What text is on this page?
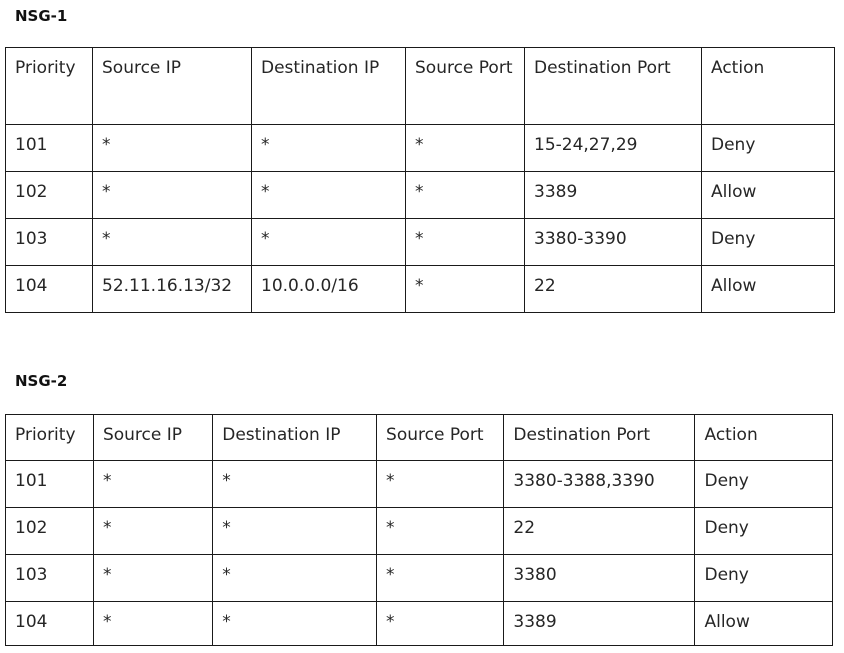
NSG-1
Priority	Source IP	Destination IP	Source Port	Destination Port	Action
101	*	*	*	15-24,27,29	Deny
102	*	*	*	3389	Allow
103	*	*	*	3380-3390	Deny
104	52.11.16.13/32	10.0.0.0/16	*	22	Allow
NSG-2
Priority	Source IP	Destination IP	Source Port	Destination Port	Action
101	*	*	*	3380-3388,3390	Deny
102	*	*	*	22	Deny
103	*	*	*	3380	Deny
104	*	*	*	3389	Allow
